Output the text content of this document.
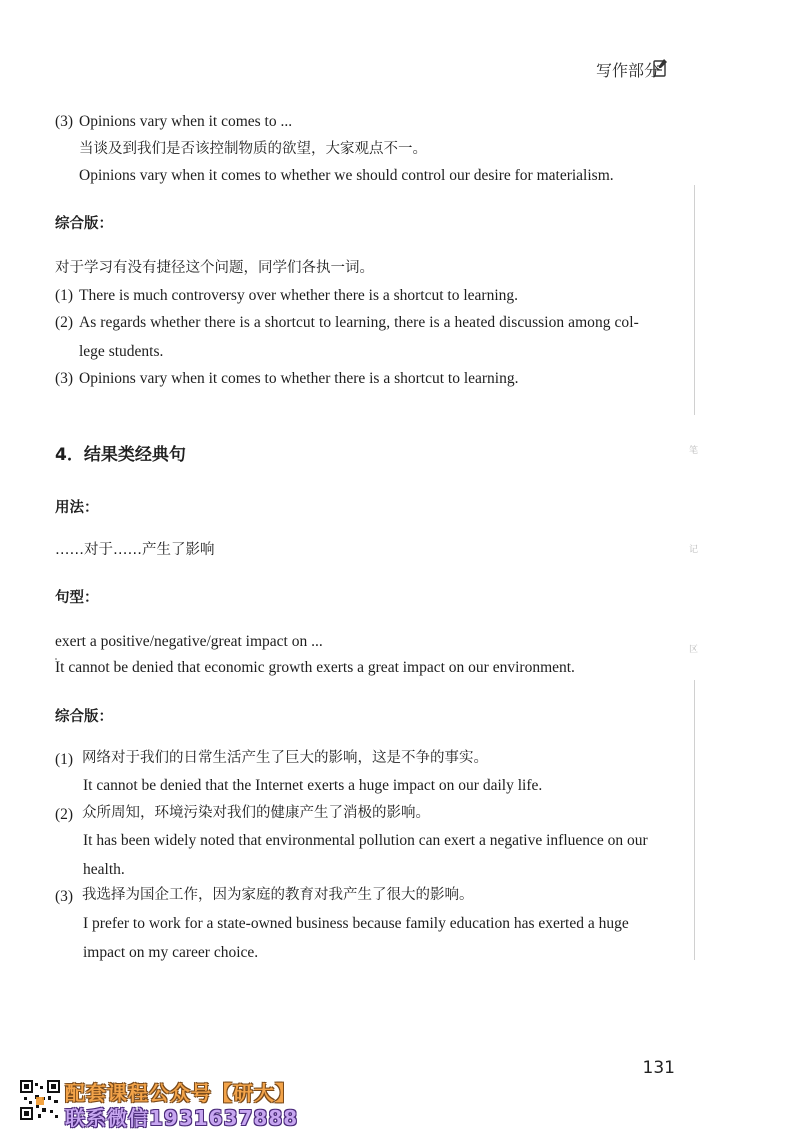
写作部分
笔
记
区
(3) Opinions vary when it comes to ...
当谈及到我们是否该控制物质的欲望，大家观点不一。
Opinions vary when it comes to whether we should control our desire for materialism.
综合版：
对于学习有没有捷径这个问题，同学们各执一词。
(1) There is much controversy over whether there is a shortcut to learning.
(2) As regards whether there is a shortcut to learning, there is a heated discussion among col-
lege students.
(3) Opinions vary when it comes to whether there is a shortcut to learning.
4．结果类经典句
用法：
……对于……产生了影响
句型：
exert a positive/negative/great impact on ...
It cannot be denied that economic growth exerts a great impact on our environment.
综合版：
(1) 网络对于我们的日常生活产生了巨大的影响，这是不争的事实。
It cannot be denied that the Internet exerts a huge impact on our daily life.
(2) 众所周知，环境污染对我们的健康产生了消极的影响。
It has been widely noted that environmental pollution can exert a negative influence on our
health.
(3) 我选择为国企工作，因为家庭的教育对我产生了很大的影响。
I prefer to work for a state-owned business because family education has exerted a huge
impact on my career choice.
131
配套课程公众号【研大】
联系微信1931637888
